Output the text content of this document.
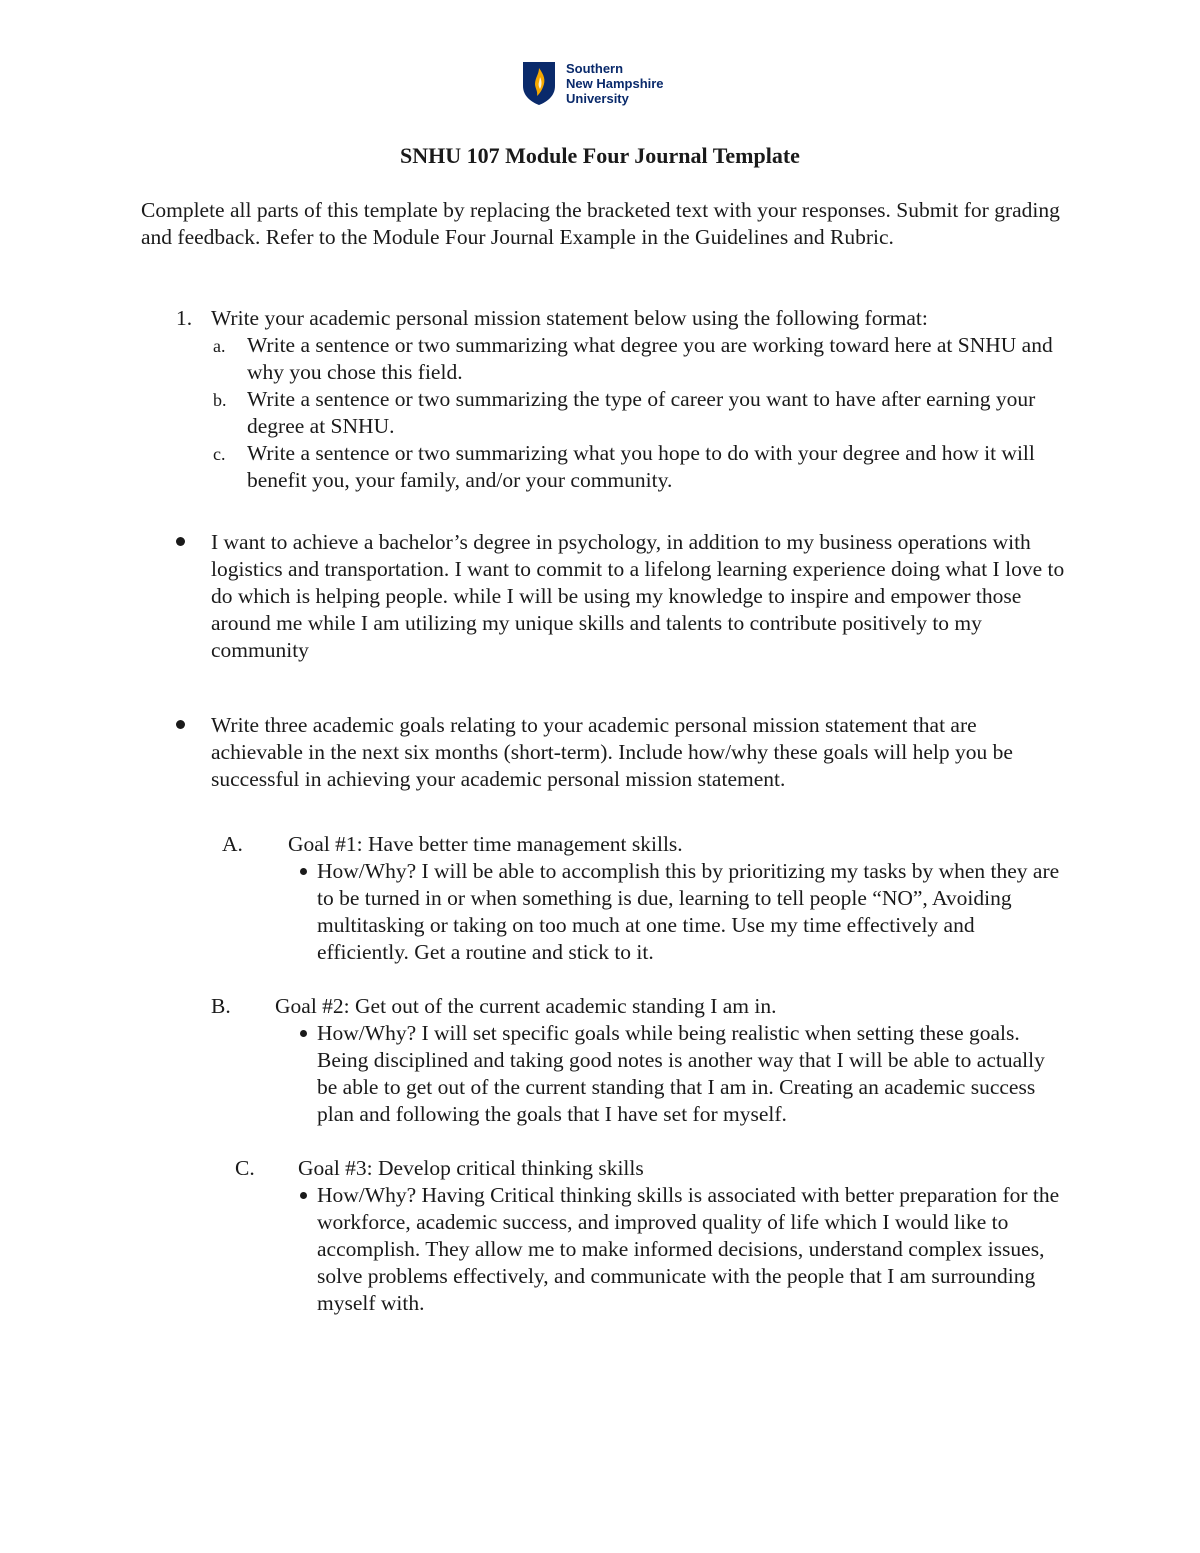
Southern
New Hampshire
University
SNHU 107 Module Four Journal Template
Complete all parts of this template by replacing the bracketed text with your responses. Submit for grading and feedback. Refer to the Module Four Journal Example in the Guidelines and Rubric.
1. Write your academic personal mission statement below using the following format:
a. Write a sentence or two summarizing what degree you are working toward here at SNHU and why you chose this field.
b. Write a sentence or two summarizing the type of career you want to have after earning your degree at SNHU.
c. Write a sentence or two summarizing what you hope to do with your degree and how it will benefit you, your family, and/or your community.
I want to achieve a bachelor’s degree in psychology, in addition to my business operations with logistics and transportation. I want to commit to a lifelong learning experience doing what I love to do which is helping people. while I will be using my knowledge to inspire and empower those around me while I am utilizing my unique skills and talents to contribute positively to my community
Write three academic goals relating to your academic personal mission statement that are achievable in the next six months (short-term). Include how/why these goals will help you be successful in achieving your academic personal mission statement.
A. Goal #1: Have better time management skills.
How/Why? I will be able to accomplish this by prioritizing my tasks by when they are to be turned in or when something is due, learning to tell people “NO”, Avoiding multitasking or taking on too much at one time. Use my time effectively and efficiently. Get a routine and stick to it.
B. Goal #2: Get out of the current academic standing I am in.
How/Why? I will set specific goals while being realistic when setting these goals. Being disciplined and taking good notes is another way that I will be able to actually be able to get out of the current standing that I am in. Creating an academic success plan and following the goals that I have set for myself.
C. Goal #3: Develop critical thinking skills
How/Why? Having Critical thinking skills is associated with better preparation for the workforce, academic success, and improved quality of life which I would like to accomplish. They allow me to make informed decisions, understand complex issues, solve problems effectively, and communicate with the people that I am surrounding myself with.
